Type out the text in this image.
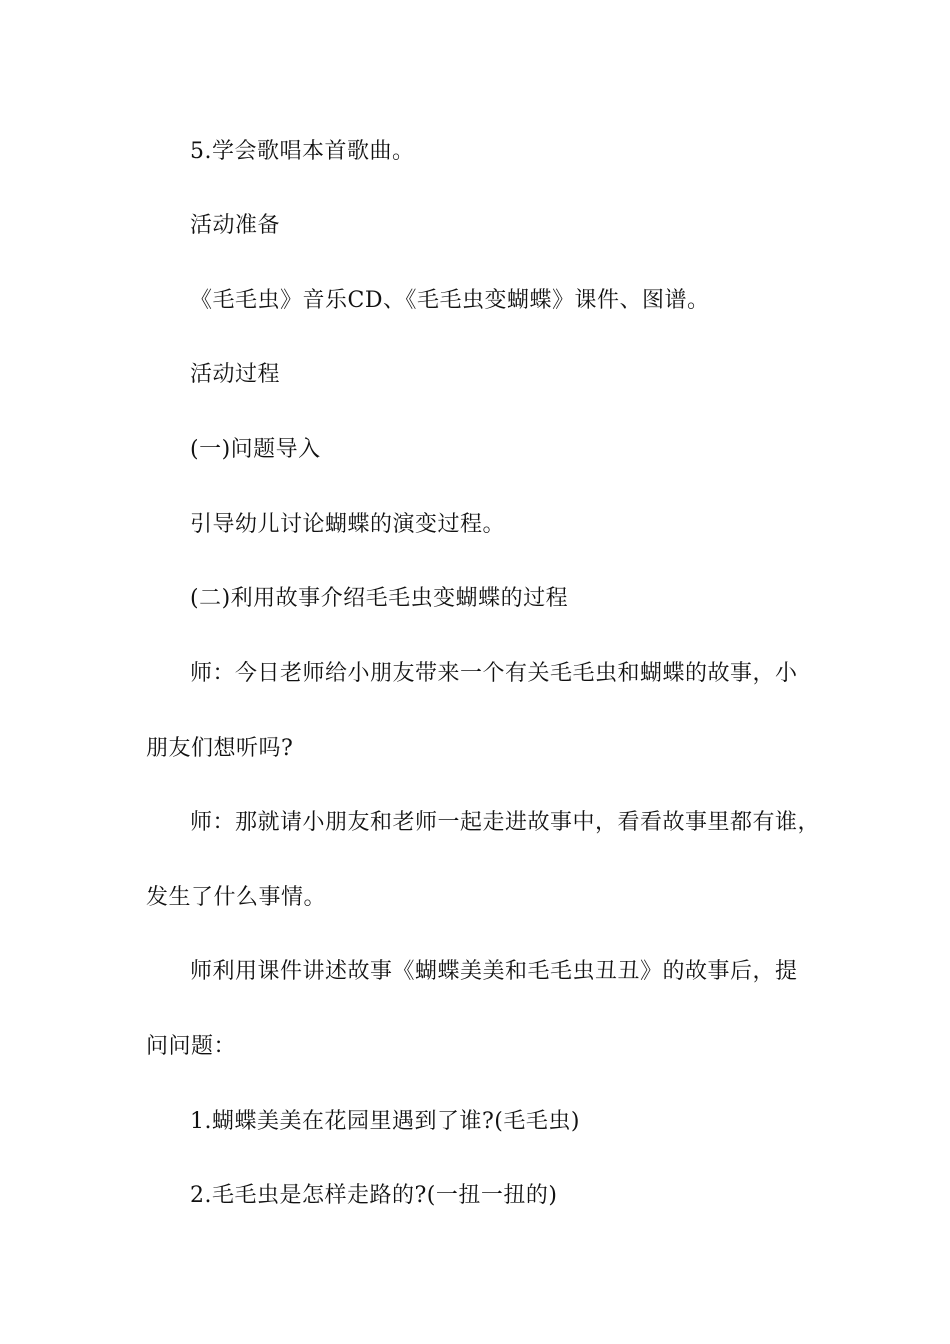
5.学会歌唱本首歌曲。
活动准备
《毛毛虫》音乐CD、《毛毛虫变蝴蝶》课件、图谱。
活动过程
(一)问题导入
引导幼儿讨论蝴蝶的演变过程。
(二)利用故事介绍毛毛虫变蝴蝶的过程
师：今日老师给小朋友带来一个有关毛毛虫和蝴蝶的故事，小
朋友们想听吗?
师：那就请小朋友和老师一起走进故事中，看看故事里都有谁，
发生了什么事情。
师利用课件讲述故事《蝴蝶美美和毛毛虫丑丑》的故事后，提
问问题：
1.蝴蝶美美在花园里遇到了谁?(毛毛虫)
2.毛毛虫是怎样走路的?(一扭一扭的)
